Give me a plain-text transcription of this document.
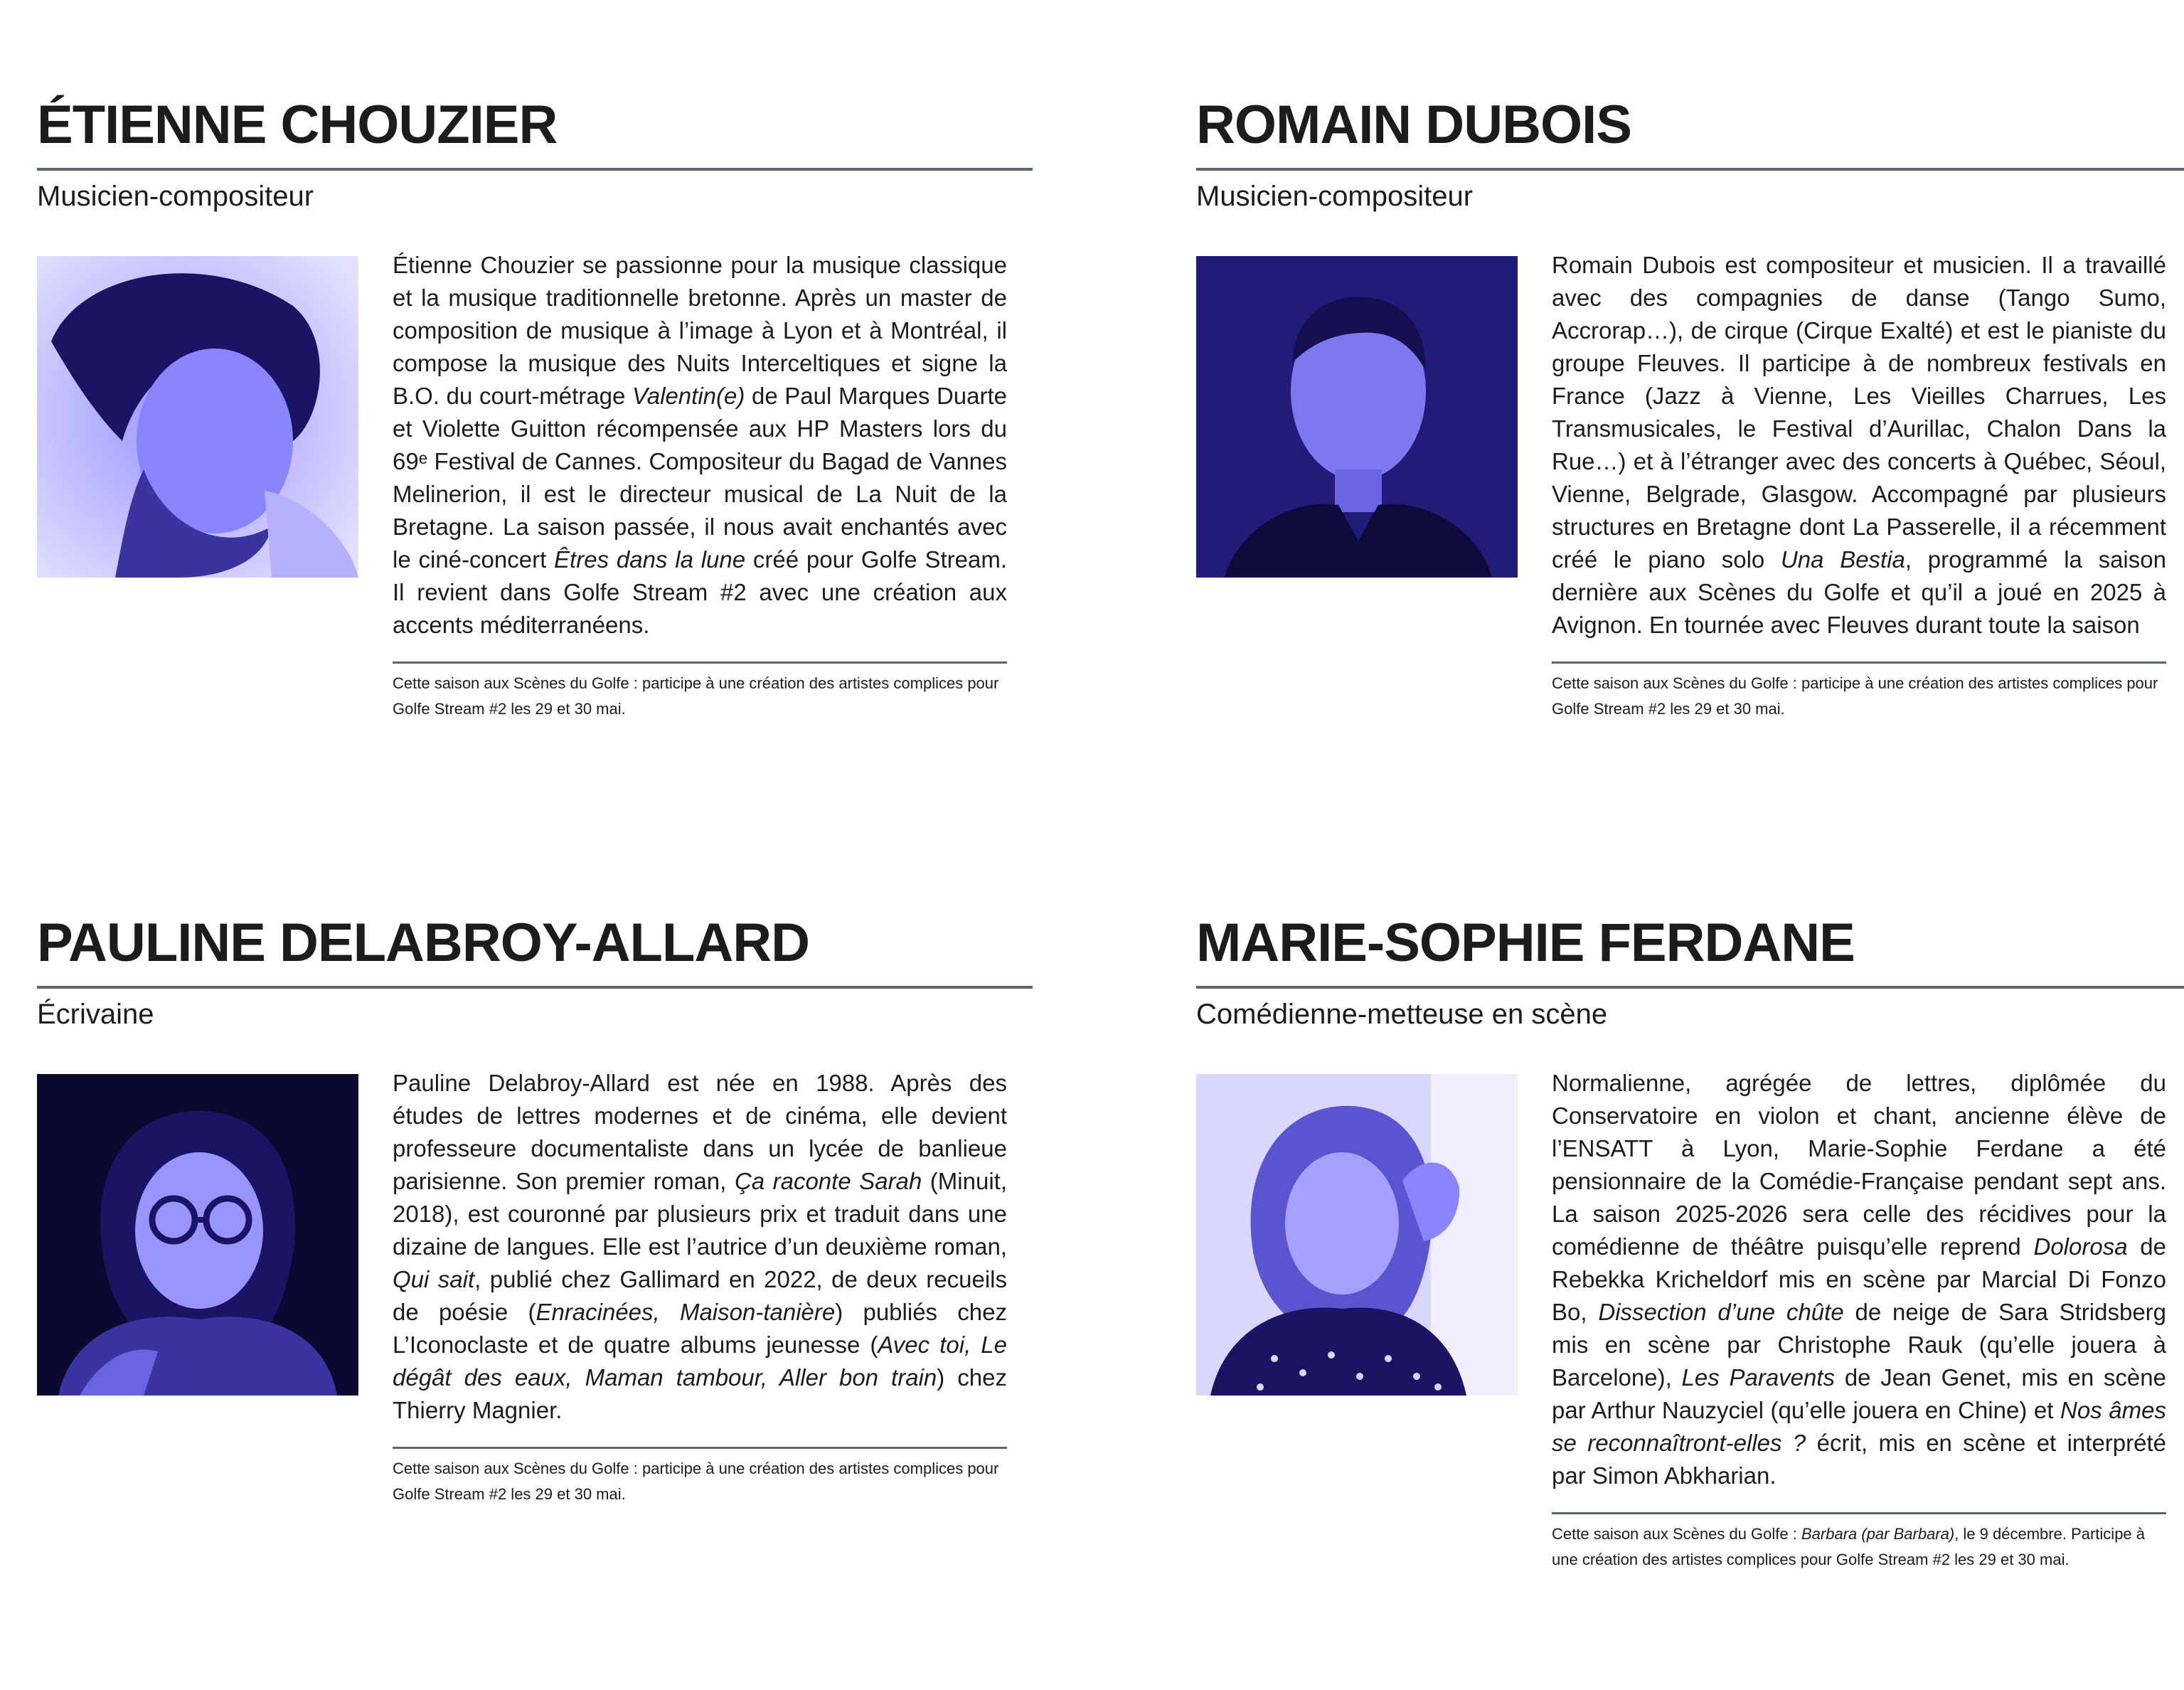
ÉTIENNE CHOUZIER
Musicien-compositeur

Étienne Chouzier se passionne pour la musique classique et la musique traditionnelle bretonne. Après un master de composition de musique à l’image à Lyon et à Montréal, il compose la musique des Nuits Interceltiques et signe la B.O. du court-métrage Valentin(e) de Paul Marques Duarte et Violette Guitton récompensée aux HP Masters lors du 69ᵉ Festival de Cannes. Compositeur du Bagad de Vannes Melinerion, il est le directeur musical de La Nuit de la Bretagne. La saison passée, il nous avait enchantés avec le ciné-concert Êtres dans la lune créé pour Golfe Stream. Il revient dans Golfe Stream #2 avec une création aux accents méditerranéens.

Cette saison aux Scènes du Golfe : participe à une création des artistes complices pour Golfe Stream #2 les 29 et 30 mai.
ROMAIN DUBOIS
Musicien-compositeur

Romain Dubois est compositeur et musicien. Il a travaillé avec des compagnies de danse (Tango Sumo, Accrorap…), de cirque (Cirque Exalté) et est le pianiste du groupe Fleuves. Il participe à de nombreux festivals en France (Jazz à Vienne, Les Vieilles Charrues, Les Transmusicales, le Festival d’Aurillac, Chalon Dans la Rue…) et à l’étranger avec des concerts à Québec, Séoul, Vienne, Belgrade, Glasgow. Accompagné par plusieurs structures en Bretagne dont La Passerelle, il a récemment créé le piano solo Una Bestia, programmé la saison dernière aux Scènes du Golfe et qu’il a joué en 2025 à Avignon. En tournée avec Fleuves durant toute la saison

Cette saison aux Scènes du Golfe : participe à une création des artistes complices pour Golfe Stream #2 les 29 et 30 mai.
PAULINE DELABROY-ALLARD
Écrivaine

Pauline Delabroy-Allard est née en 1988. Après des études de lettres modernes et de cinéma, elle devient professeure documentaliste dans un lycée de banlieue parisienne. Son premier roman, Ça raconte Sarah (Minuit, 2018), est couronné par plusieurs prix et traduit dans une dizaine de langues. Elle est l’autrice d’un deuxième roman, Qui sait, publié chez Gallimard en 2022, de deux recueils de poésie (Enracinées, Maison-tanière) publiés chez L’Iconoclaste et de quatre albums jeunesse (Avec toi, Le dégât des eaux, Maman tambour, Aller bon train) chez Thierry Magnier.

Cette saison aux Scènes du Golfe : participe à une création des artistes complices pour Golfe Stream #2 les 29 et 30 mai.
MARIE-SOPHIE FERDANE
Comédienne-metteuse en scène

Normalienne, agrégée de lettres, diplômée du Conservatoire en violon et chant, ancienne élève de l’ENSATT à Lyon, Marie-Sophie Ferdane a été pensionnaire de la Comédie-Française pendant sept ans. La saison 2025-2026 sera celle des récidives pour la comédienne de théâtre puisqu’elle reprend Dolorosa de Rebekka Kricheldorf mis en scène par Marcial Di Fonzo Bo, Dissection d’une chûte de neige de Sara Stridsberg mis en scène par Christophe Rauk (qu’elle jouera à Barcelone), Les Paravents de Jean Genet, mis en scène par Arthur Nauzyciel (qu’elle jouera en Chine) et Nos âmes se reconnaîtront-elles ? écrit, mis en scène et interprété par Simon Abkharian.

Cette saison aux Scènes du Golfe : Barbara (par Barbara), le 9 décembre. Participe à une création des artistes complices pour Golfe Stream #2 les 29 et 30 mai.
